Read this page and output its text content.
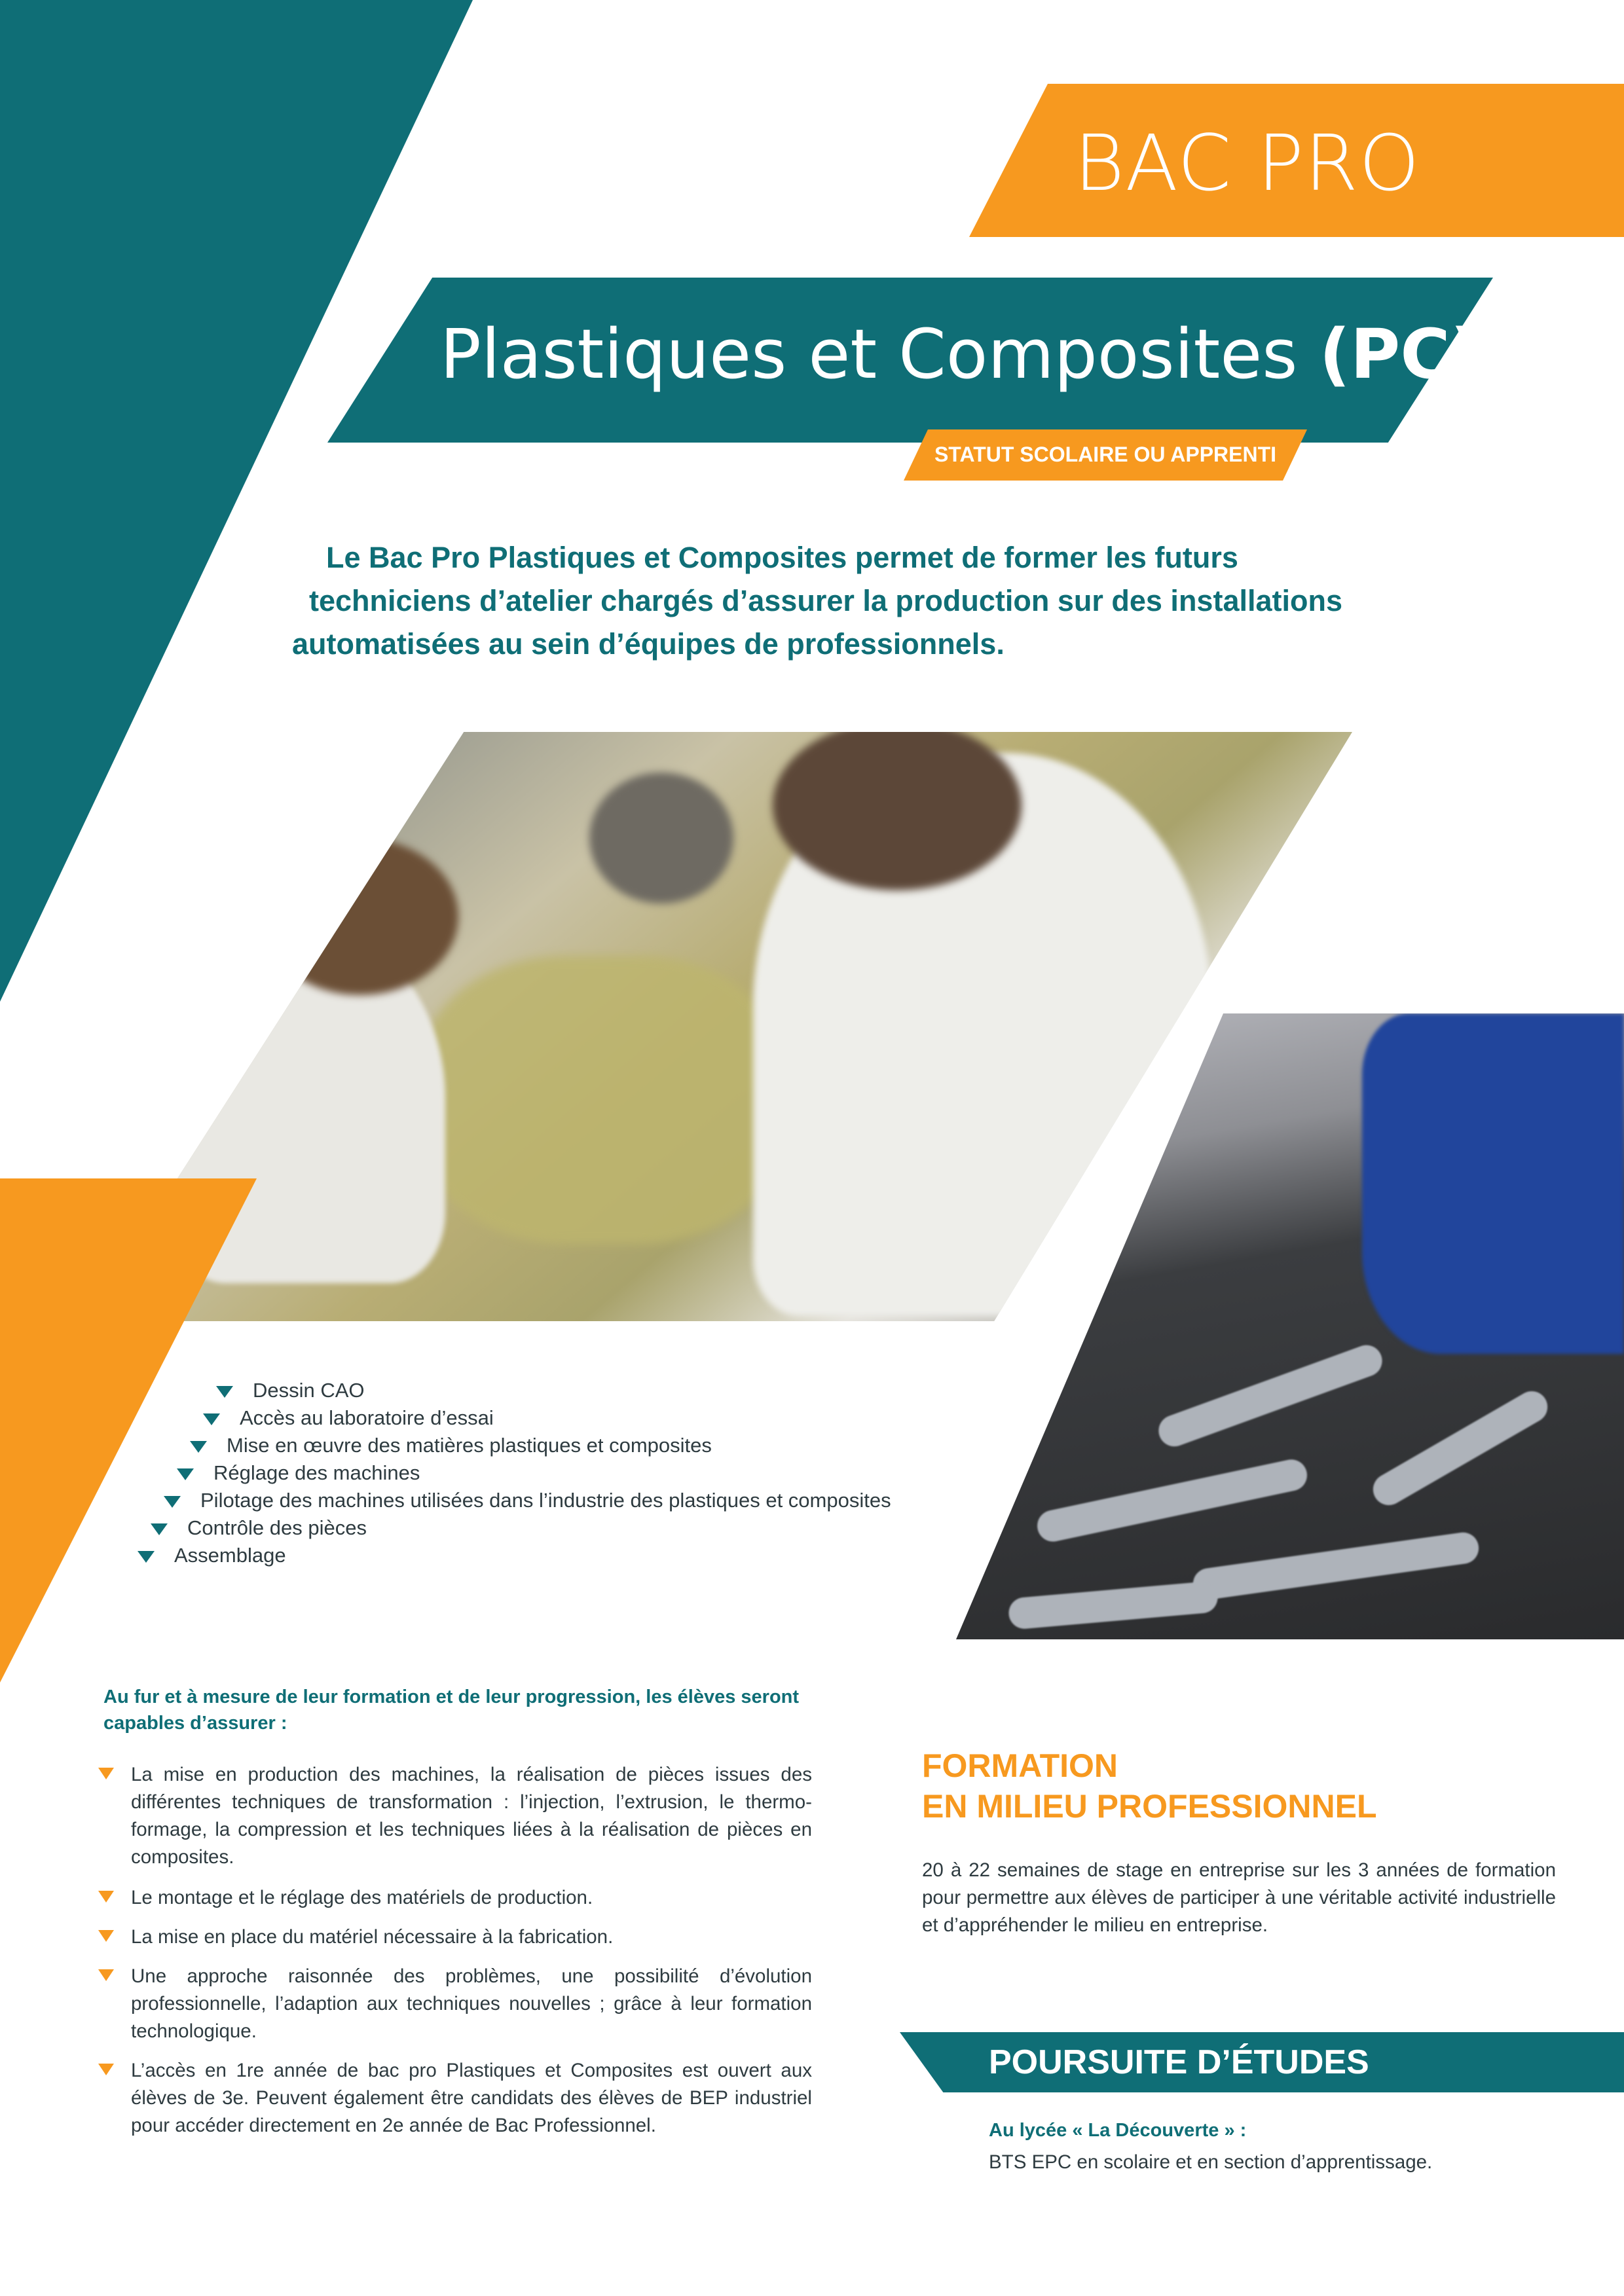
BAC PRO
Plastiques et Composites (PC)
STATUT SCOLAIRE OU APPRENTI
Le Bac Pro Plastiques et Composites permet de former les futurs
techniciens d’atelier chargés d’assurer la production sur des installations
automatisées au sein d’équipes de professionnels.
Dessin CAO
Accès au laboratoire d’essai
Mise en œuvre des matières plastiques et composites
Réglage des machines
Pilotage des machines utilisées dans l’industrie des plastiques et composites
Contrôle des pièces
Assemblage
Au fur et à mesure de leur formation et de leur progression, les élèves seront capables d’assurer :
La mise en production des machines, la réalisation de pièces issues des différentes techniques de transformation : l’injection, l’extrusion, le thermo-formage, la compression et les techniques liées à la réalisation de pièces en composites.
Le montage et le réglage des matériels de production.
La mise en place du matériel nécessaire à la fabrication.
Une approche raisonnée des problèmes, une possibilité d’évolution professionnelle, l’adaption aux techniques nouvelles ; grâce à leur formation technologique.
L’accès en 1re année de bac pro Plastiques et Composites est ouvert aux élèves de 3e. Peuvent également être candidats des élèves de BEP industriel pour accéder directement en 2e année de Bac Professionnel.
FORMATION
EN MILIEU PROFESSIONNEL
20 à 22 semaines de stage en entreprise sur les 3 années de formation pour permettre aux élèves de participer à une véritable activité industrielle et d’appréhender le milieu en entreprise.
POURSUITE D’ÉTUDES
Au lycée « La Découverte » :
BTS EPC en scolaire et en section d’apprentissage.
